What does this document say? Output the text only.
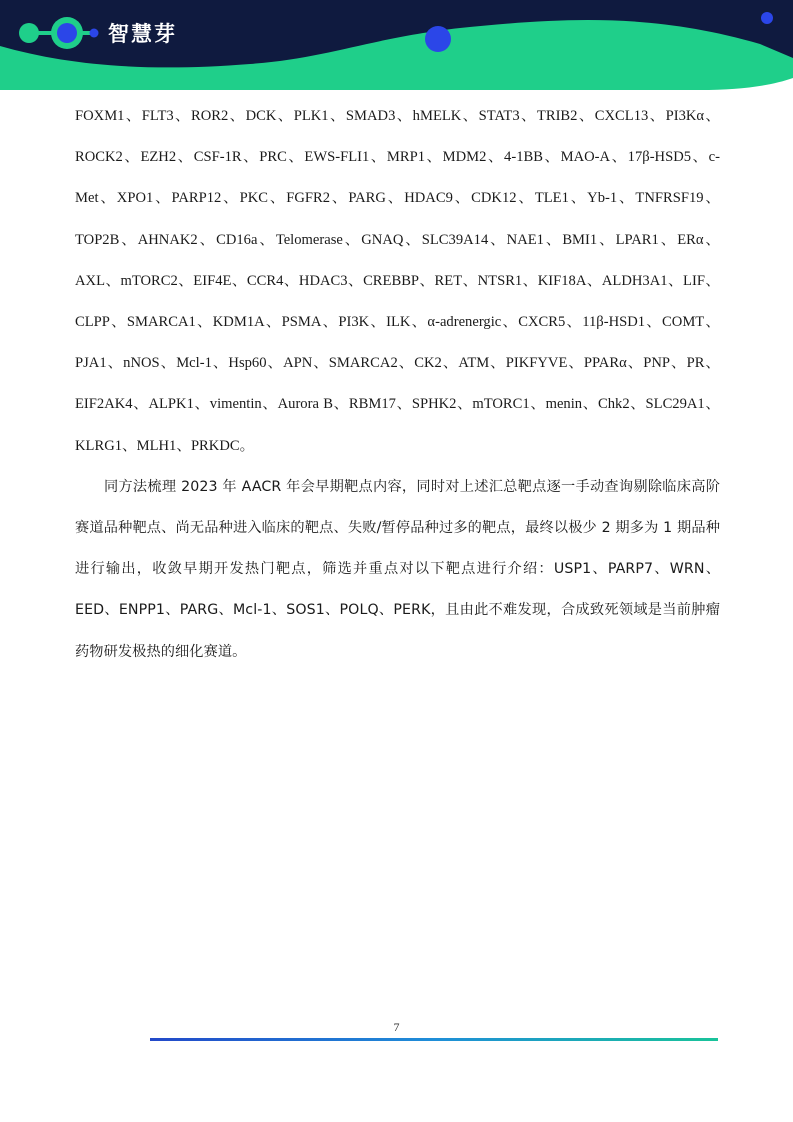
智慧芽

FOXM1、FLT3、ROR2、DCK、PLK1、SMAD3、hMELK、STAT3、TRIB2、CXCL13、PI3Kα、ROCK2、EZH2、CSF-1R、PRC、EWS-FLI1、MRP1、MDM2、4-1BB、MAO-A、17β-HSD5、c-Met、XPO1、PARP12、PKC、FGFR2、PARG、HDAC9、CDK12、TLE1、Yb-1、TNFRSF19、TOP2B、AHNAK2、CD16a、Telomerase、GNAQ、SLC39A14、NAE1、BMI1、LPAR1、ERα、AXL、mTORC2、EIF4E、CCR4、HDAC3、CREBBP、RET、NTSR1、KIF18A、ALDH3A1、LIF、CLPP、SMARCA1、KDM1A、PSMA、PI3K、ILK、α-adrenergic、CXCR5、11β-HSD1、COMT、PJA1、nNOS、Mcl-1、Hsp60、APN、SMARCA2、CK2、ATM、PIKFYVE、PPARα、PNP、PR、EIF2AK4、ALPK1、vimentin、Aurora B、RBM17、SPHK2、mTORC1、menin、Chk2、SLC29A1、KLRG1、MLH1、PRKDC。

同方法梳理 2023 年 AACR 年会早期靶点内容，同时对上述汇总靶点逐一手动查询剔除临床高阶赛道品种靶点、尚无品种进入临床的靶点、失败/暂停品种过多的靶点，最终以极少 2 期多为 1 期品种进行输出，收敛早期开发热门靶点，筛选并重点对以下靶点进行介绍：USP1、PARP7、WRN、EED、ENPP1、PARG、Mcl-1、SOS1、POLQ、PERK，且由此不难发现，合成致死领域是当前肿瘤药物研发极热的细化赛道。

7
